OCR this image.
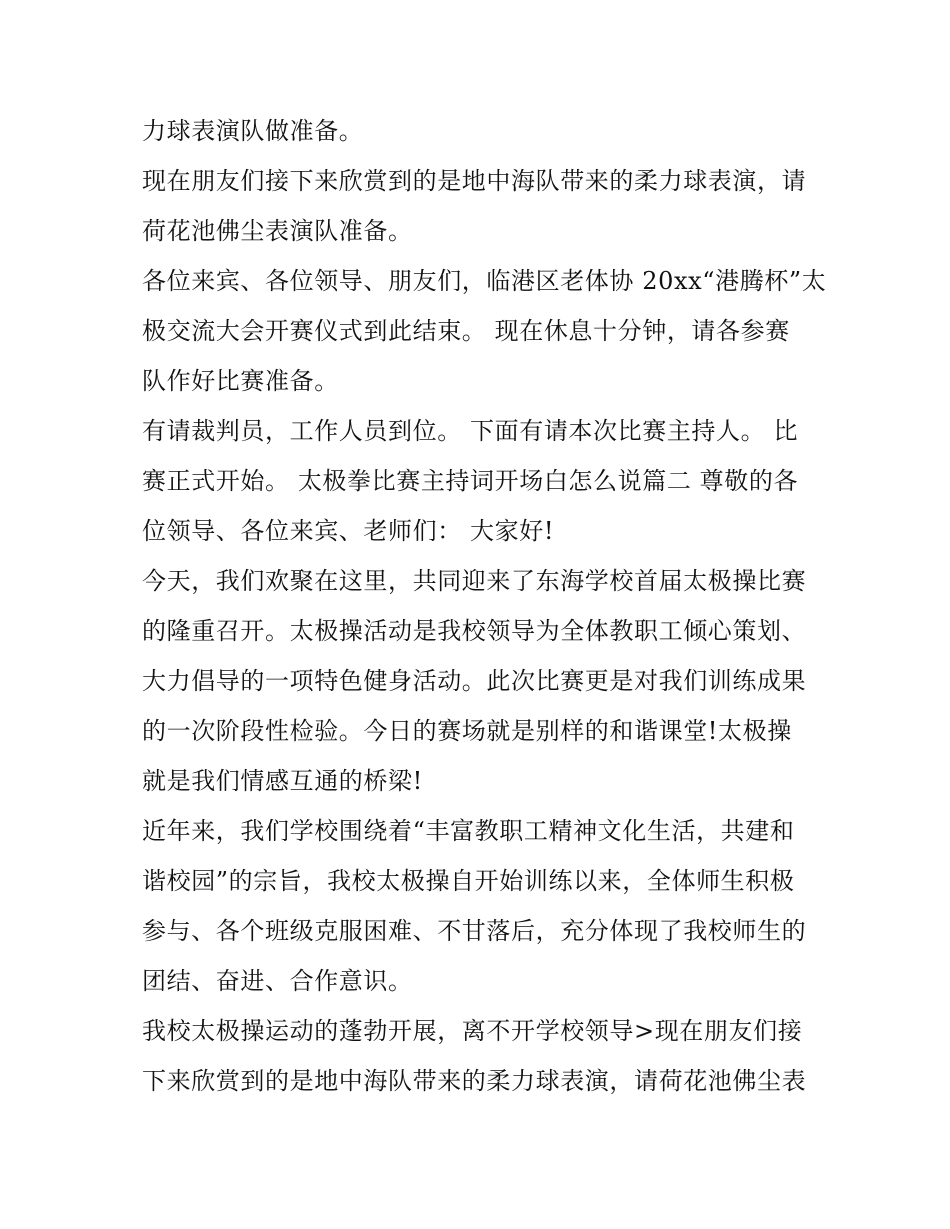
力球表演队做准备。
现在朋友们接下来欣赏到的是地中海队带来的柔力球表演，请
荷花池佛尘表演队准备。
各位来宾、各位领导、朋友们，临港区老体协 20xx“港腾杯”太
极交流大会开赛仪式到此结束。 现在休息十分钟，请各参赛
队作好比赛准备。
有请裁判员，工作人员到位。 下面有请本次比赛主持人。 比
赛正式开始。 太极拳比赛主持词开场白怎么说篇二 尊敬的各
位领导、各位来宾、老师们： 大家好!
今天，我们欢聚在这里，共同迎来了东海学校首届太极操比赛
的隆重召开。太极操活动是我校领导为全体教职工倾心策划、
大力倡导的一项特色健身活动。此次比赛更是对我们训练成果
的一次阶段性检验。今日的赛场就是别样的和谐课堂!太极操
就是我们情感互通的桥梁!
近年来，我们学校围绕着“丰富教职工精神文化生活，共建和
谐校园”的宗旨，我校太极操自开始训练以来，全体师生积极
参与、各个班级克服困难、不甘落后，充分体现了我校师生的
团结、奋进、合作意识。
我校太极操运动的蓬勃开展，离不开学校领导>现在朋友们接
下来欣赏到的是地中海队带来的柔力球表演，请荷花池佛尘表
